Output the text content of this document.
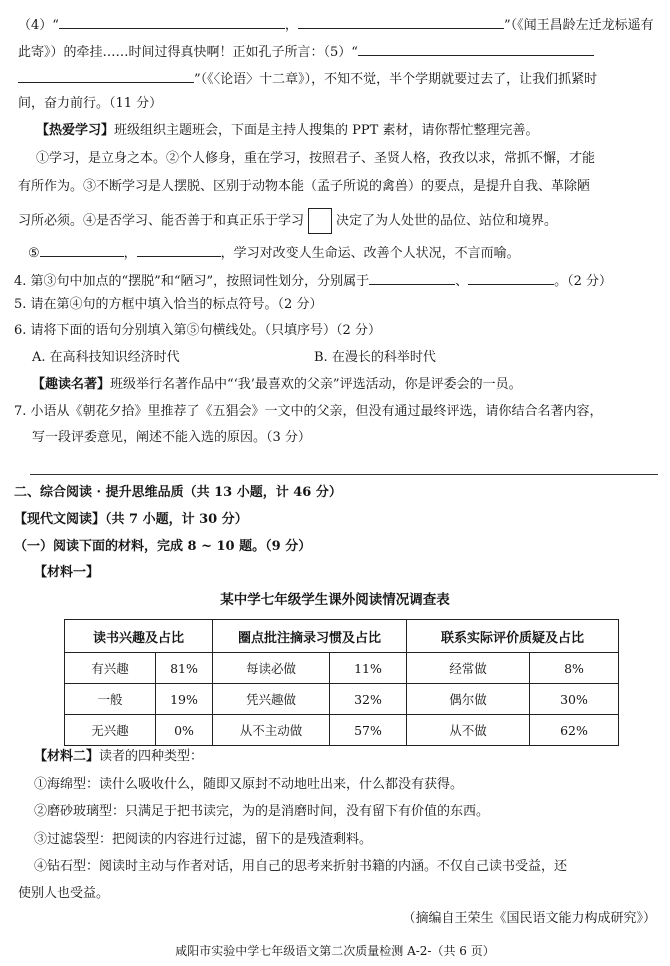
（4）“	，	”（《闻王昌龄左迁龙标遥有
此寄》）的牵挂……时间过得真快啊！正如孔子所言：（5）“
”（《〈论语〉十二章》），不知不觉，半个学期就要过去了，让我们抓紧时
间，奋力前行。（11 分）
【热爱学习】班级组织主题班会，下面是主持人搜集的 PPT 素材，请你帮忙整理完善。
①学习，是立身之本。②个人修身，重在学习，按照君子、圣贤人格，孜孜以求，常抓不懈，才能
有所作为。③不断学习是人摆脱、区别于动物本能（孟子所说的禽兽）的要点，是提升自我、革除陋
习所必须。④是否学习、能否善于和真正乐于学习 决定了为人处世的品位、站位和境界。
⑤	，	，学习对改变人生命运、改善个人状况，不言而喻。
4. 第③句中加点的“摆脱”和“陋习”，按照词性划分，分别属于	、	。（2 分）
5. 请在第④句的方框中填入恰当的标点符号。（2 分）
6. 请将下面的语句分别填入第⑤句横线处。（只填序号）（2 分）
A. 在高科技知识经济时代	B. 在漫长的科举时代
【趣读名著】班级举行名著作品中“‘我’最喜欢的父亲”评选活动，你是评委会的一员。
7. 小语从《朝花夕拾》里推荐了《五猖会》一文中的父亲，但没有通过最终评选，请你结合名著内容，
写一段评委意见，阐述不能入选的原因。（3 分）
二、综合阅读 · 提升思维品质（共 13 小题，计 46 分）
【现代文阅读】（共 7 小题，计 30 分）
（一）阅读下面的材料，完成 8 ~ 10 题。（9 分）
【材料一】
某中学七年级学生课外阅读情况调查表
读书兴趣及占比		圈点批注摘录习惯及占比		联系实际评价质疑及占比	
有兴趣	81%	每读必做	11%	经常做	8%
一般	19%	凭兴趣做	32%	偶尔做	30%
无兴趣	0%	从不主动做	57%	从不做	62%
【材料二】读者的四种类型：
①海绵型：读什么吸收什么，随即又原封不动地吐出来，什么都没有获得。
②磨砂玻璃型：只满足于把书读完，为的是消磨时间，没有留下有价值的东西。
③过滤袋型：把阅读的内容进行过滤，留下的是残渣剩料。
④钻石型：阅读时主动与作者对话，用自己的思考来折射书籍的内涵。不仅自己读书受益，还
使别人也受益。
（摘编自王荣生《国民语文能力构成研究》）
咸阳市实验中学七年级语文第二次质量检测 A-2-（共 6 页）
